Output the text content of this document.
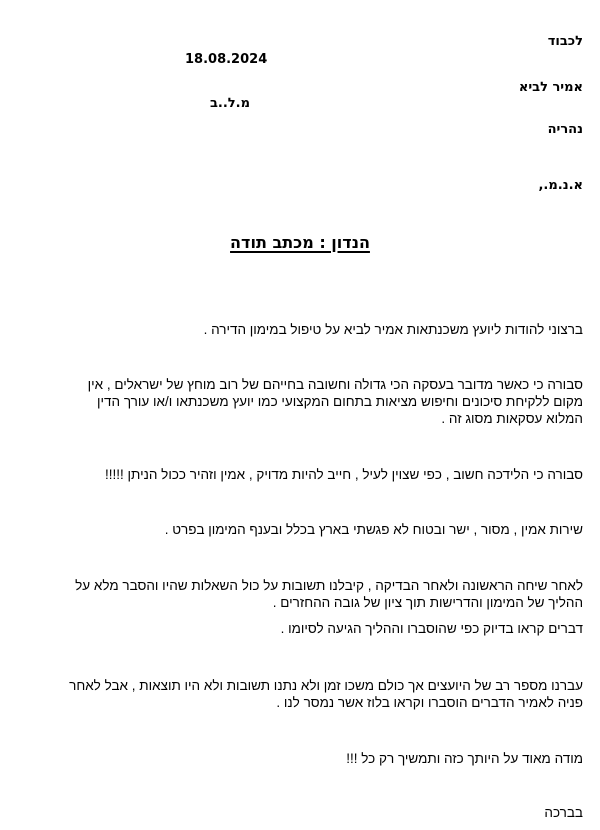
לכבוד
18.08.2024
אמיר לביא
מ.ל..ב
נהריה
א.נ.מ.,
הנדון : מכתב תודה
ברצוני להודות ליועץ משכנתאות אמיר לביא על טיפול במימון הדירה .
סבורה כי כאשר מדובר בעסקה הכי גדולה וחשובה בחייהם של רוב מוחץ של ישראלים , אין
מקום ללקיחת סיכונים וחיפוש מציאות בתחום המקצועי כמו יועץ משכנתאו ו/או עורך הדין
המלוא עסקאות מסוג זה .
סבורה כי הלידכה חשוב , כפי שצוין לעיל , חייב להיות מדויק , אמין וזהיר ככול הניתן !!!!!
שירות אמין , מסור , ישר ובטוח לא פגשתי בארץ בכלל ובענף המימון בפרט .
לאחר שיחה הראשונה ולאחר הבדיקה , קיבלנו תשובות על כול השאלות שהיו והסבר מלא על
ההליך של המימון והדרישות תוך ציון של גובה ההחזרים .
דברים קראו בדיוק כפי שהוסברו וההליך הגיעה לסיומו .
עברנו מספר רב של היועצים אך כולם משכו זמן ולא נתנו תשובות ולא היו תוצאות , אבל לאחר
פניה לאמיר הדברים הוסברו וקראו בלוז אשר נמסר לנו .
מודה מאוד על היותך כזה ותמשיך רק כל !!!
בברכה
